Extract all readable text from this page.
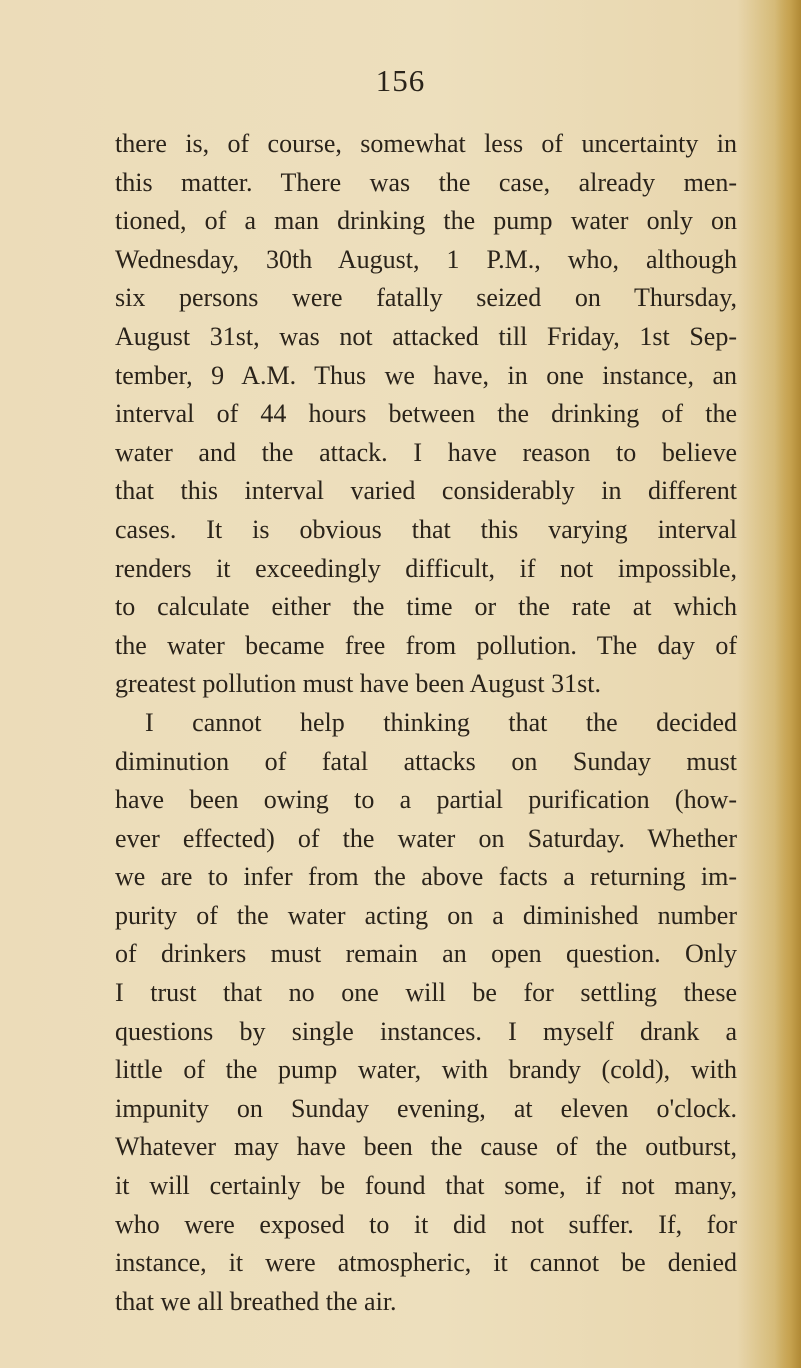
156
there is, of course, somewhat less of uncertainty in
this matter. There was the case, already men-
tioned, of a man drinking the pump water only on
Wednesday, 30th August, 1 P.M., who, although
six persons were fatally seized on Thursday,
August 31st, was not attacked till Friday, 1st Sep-
tember, 9 A.M. Thus we have, in one instance, an
interval of 44 hours between the drinking of the
water and the attack. I have reason to believe
that this interval varied considerably in different
cases. It is obvious that this varying interval
renders it exceedingly difficult, if not impossible,
to calculate either the time or the rate at which
the water became free from pollution. The day of
greatest pollution must have been August 31st.
I cannot help thinking that the decided
diminution of fatal attacks on Sunday must
have been owing to a partial purification (how-
ever effected) of the water on Saturday. Whether
we are to infer from the above facts a returning im-
purity of the water acting on a diminished number
of drinkers must remain an open question. Only
I trust that no one will be for settling these
questions by single instances. I myself drank a
little of the pump water, with brandy (cold), with
impunity on Sunday evening, at eleven o'clock.
Whatever may have been the cause of the outburst,
it will certainly be found that some, if not many,
who were exposed to it did not suffer. If, for
instance, it were atmospheric, it cannot be denied
that we all breathed the air.
